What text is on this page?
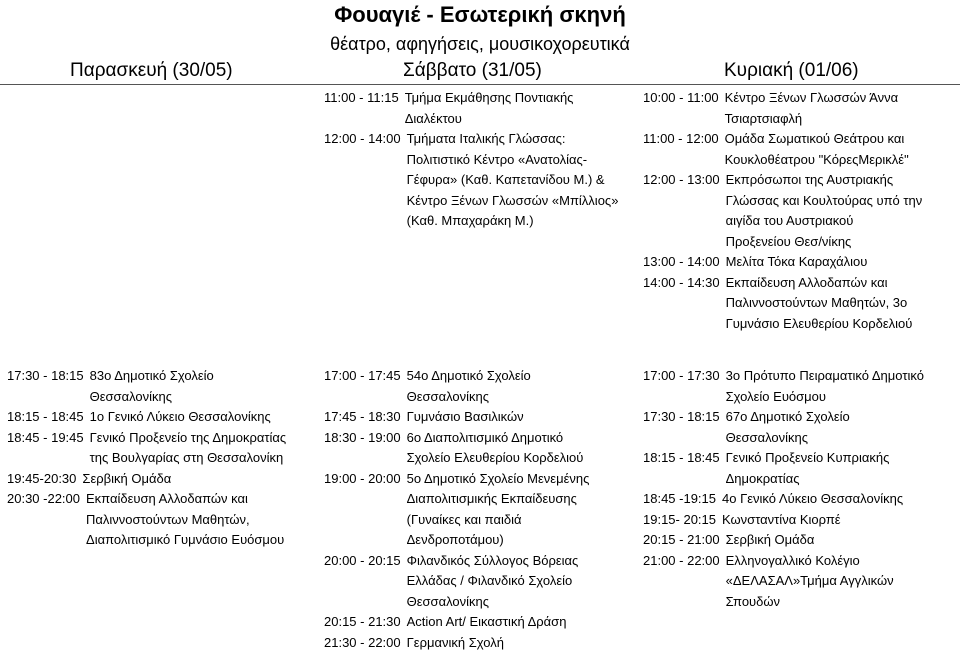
Φουαγιέ - Εσωτερική σκηνή
θέατρο, αφηγήσεις, μουσικοχορευτικά
Παρασκευή (30/05)	Σάββατο (31/05)	Κυριακή (01/06)
11:00 - 11:15 Τμήμα Εκμάθησης Ποντιακής
Διαλέκτου
12:00 - 14:00 Τμήματα Ιταλικής Γλώσσας:
Πολιτιστικό Κέντρο «Ανατολίας-
Γέφυρα» (Καθ. Καπετανίδου Μ.) &
Κέντρο Ξένων Γλωσσών «Μπίλλιος»
(Καθ. Μπαχαράκη Μ.)
10:00 - 11:00 Κέντρο Ξένων Γλωσσών Άννα
Τσιαρτσιαφλή
11:00 - 12:00 Ομάδα Σωματικού Θεάτρου και
Κουκλοθέατρου "ΚόρεςΜερικλέ"
12:00 - 13:00 Εκπρόσωποι της Αυστριακής
Γλώσσας και Κουλτούρας υπό την
αιγίδα του Αυστριακού
Προξενείου Θεσ/νίκης
13:00 - 14:00 Μελίτα Τόκα Καραχάλιου
14:00 - 14:30 Εκπαίδευση Αλλοδαπών και
Παλιννοστούντων Μαθητών, 3ο
Γυμνάσιο Ελευθερίου Κορδελιού
17:30 - 18:15 83ο Δημοτικό Σχολείο
Θεσσαλονίκης
18:15 - 18:45 1ο Γενικό Λύκειο Θεσσαλονίκης
18:45 - 19:45 Γενικό Προξενείο της Δημοκρατίας
της Βουλγαρίας στη Θεσσαλονίκη
19:45-20:30 Σερβική Ομάδα
20:30 -22:00 Εκπαίδευση Αλλοδαπών και
Παλιννοστούντων Μαθητών,
Διαπολιτισμικό Γυμνάσιο Ευόσμου
17:00 - 17:45 54ο Δημοτικό Σχολείο
Θεσσαλονίκης
17:45 - 18:30 Γυμνάσιο Βασιλικών
18:30 - 19:00 6ο Διαπολιτισμικό Δημοτικό
Σχολείο Ελευθερίου Κορδελιού
19:00 - 20:00 5ο Δημοτικό Σχολείο Μενεμένης
Διαπολιτισμικής Εκπαίδευσης
(Γυναίκες και παιδιά
Δενδροποτάμου)
20:00 - 20:15 Φιλανδικός Σύλλογος Βόρειας
Ελλάδας / Φιλανδικό Σχολείο
Θεσσαλονίκης
20:15 - 21:30 Action Art/ Εικαστική Δράση
21:30 - 22:00 Γερμανική Σχολή
17:00 - 17:30 3ο Πρότυπο Πειραματικό Δημοτικό
Σχολείο Ευόσμου
17:30 - 18:15 67ο Δημοτικό Σχολείο
Θεσσαλονίκης
18:15 - 18:45 Γενικό Προξενείο Κυπριακής
Δημοκρατίας
18:45 -19:15 4ο Γενικό Λύκειο Θεσσαλονίκης
19:15- 20:15 Κωνσταντίνα Κιορπέ
20:15 - 21:00 Σερβική Ομάδα
21:00 - 22:00 Ελληνογαλλικό Κολέγιο
«ΔΕΛΑΣΑΛ»Τμήμα Αγγλικών
Σπουδών
